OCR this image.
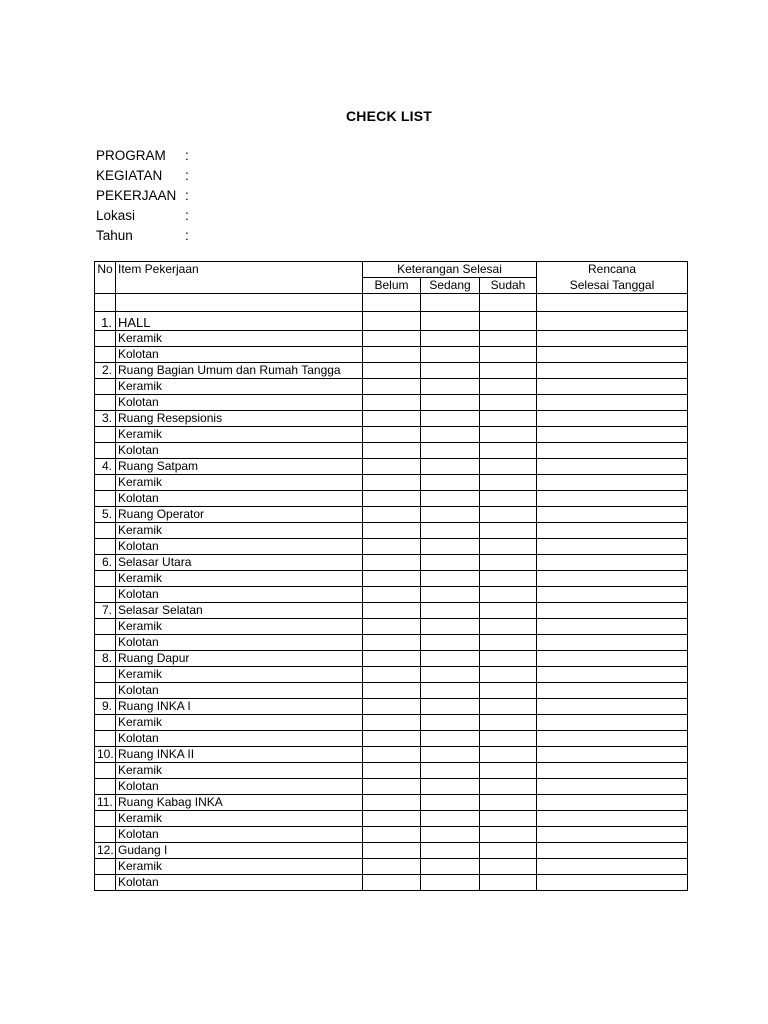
CHECK LIST
PROGRAM :
KEGIATAN :
PEKERJAAN :
Lokasi	:
Tahun	:
No	Item Pekerjaan	Keterangan Selesai			Rencana
		Belum	Sedang	Sudah	Selesai Tanggal

1.	HALL				
	Keramik				
	Kolotan				
2.	Ruang Bagian Umum dan Rumah Tangga				
	Keramik				
	Kolotan				
3.	Ruang Resepsionis				
	Keramik				
	Kolotan				
4.	Ruang Satpam				
	Keramik				
	Kolotan				
5.	Ruang Operator				
	Keramik				
	Kolotan				
6.	Selasar Utara				
	Keramik				
	Kolotan				
7.	Selasar Selatan				
	Keramik				
	Kolotan				
8.	Ruang Dapur				
	Keramik				
	Kolotan				
9.	Ruang INKA I				
	Keramik				
	Kolotan				
10.	Ruang INKA II				
	Keramik				
	Kolotan				
11.	Ruang Kabag INKA				
	Keramik				
	Kolotan				
12.	Gudang I				
	Keramik				
	Kolotan				
